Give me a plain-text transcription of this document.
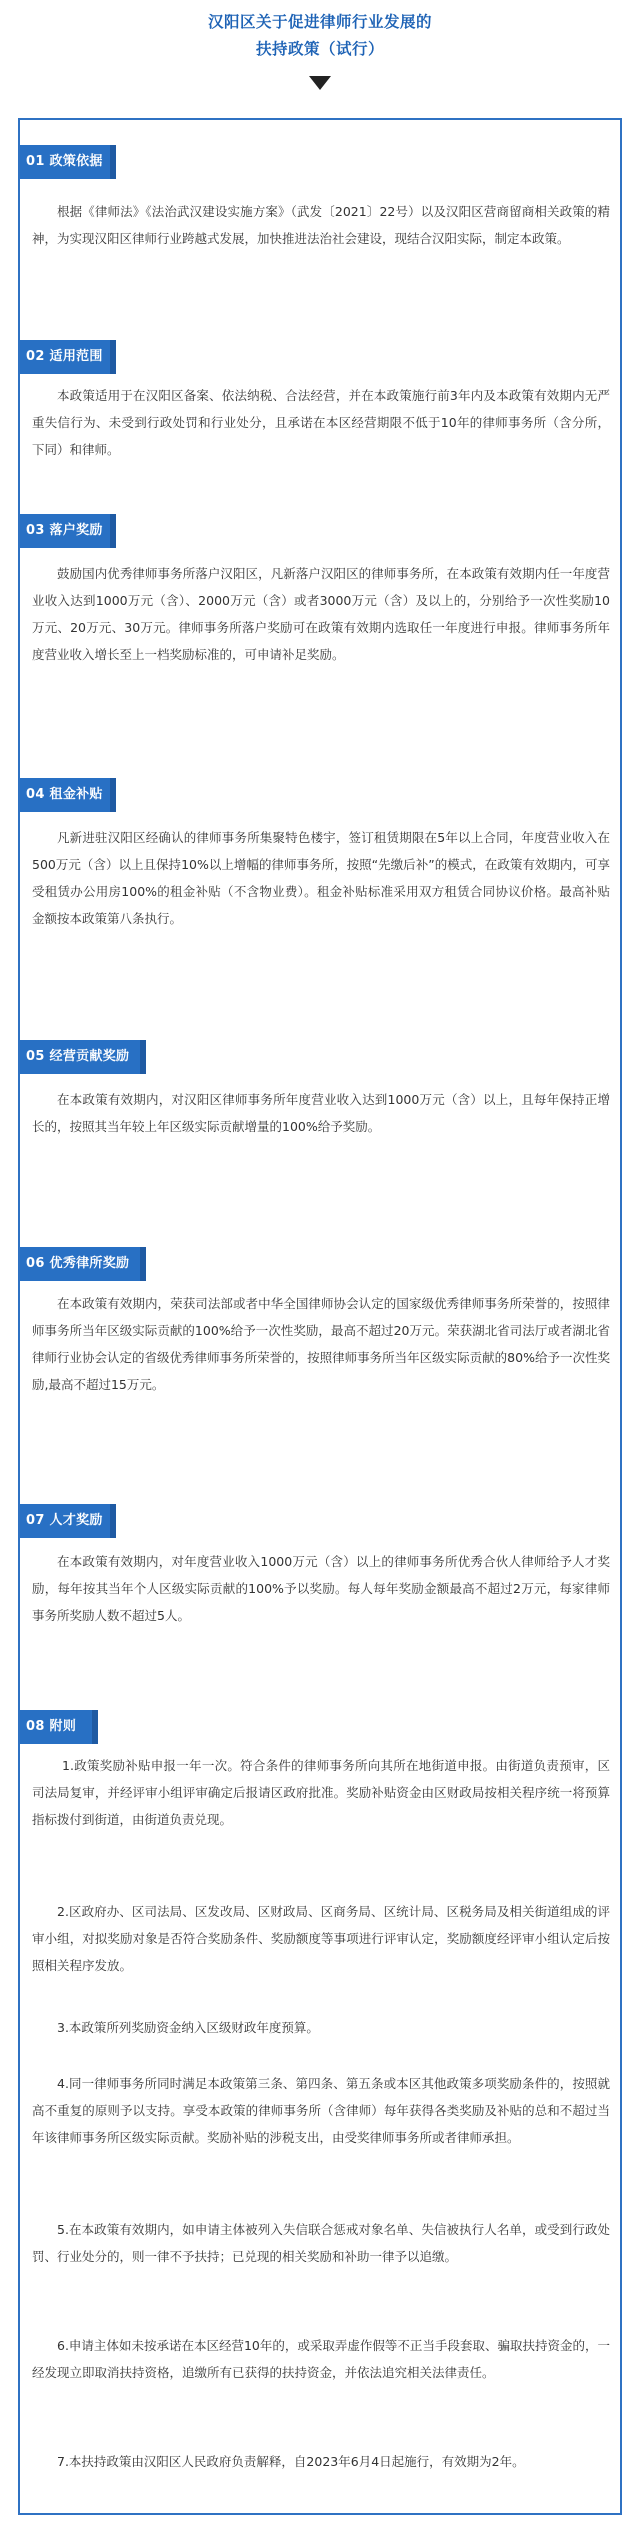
汉阳区关于促进律师行业发展的
扶持政策（试行）
01 政策依据
根据《律师法》《法治武汉建设实施方案》（武发〔2021〕22号）以及汉阳区营商留商相关政策的精神，为实现汉阳区律师行业跨越式发展，加快推进法治社会建设，现结合汉阳实际，制定本政策。
02 适用范围
本政策适用于在汉阳区备案、依法纳税、合法经营，并在本政策施行前3年内及本政策有效期内无严重失信行为、未受到行政处罚和行业处分，且承诺在本区经营期限不低于10年的律师事务所（含分所，下同）和律师。
03 落户奖励
鼓励国内优秀律师事务所落户汉阳区，凡新落户汉阳区的律师事务所，在本政策有效期内任一年度营业收入达到1000万元（含）、2000万元（含）或者3000万元（含）及以上的，分别给予一次性奖励10万元、20万元、30万元。律师事务所落户奖励可在政策有效期内选取任一年度进行申报。律师事务所年度营业收入增长至上一档奖励标准的，可申请补足奖励。
04 租金补贴
凡新进驻汉阳区经确认的律师事务所集聚特色楼宇，签订租赁期限在5年以上合同，年度营业收入在500万元（含）以上且保持10%以上增幅的律师事务所，按照“先缴后补”的模式，在政策有效期内，可享受租赁办公用房100%的租金补贴（不含物业费）。租金补贴标准采用双方租赁合同协议价格。最高补贴金额按本政策第八条执行。
05 经营贡献奖励
在本政策有效期内，对汉阳区律师事务所年度营业收入达到1000万元（含）以上，且每年保持正增长的，按照其当年较上年区级实际贡献增量的100%给予奖励。
06 优秀律所奖励
在本政策有效期内，荣获司法部或者中华全国律师协会认定的国家级优秀律师事务所荣誉的，按照律师事务所当年区级实际贡献的100%给予一次性奖励，最高不超过20万元。荣获湖北省司法厅或者湖北省律师行业协会认定的省级优秀律师事务所荣誉的，按照律师事务所当年区级实际贡献的80%给予一次性奖励,最高不超过15万元。
07 人才奖励
在本政策有效期内，对年度营业收入1000万元（含）以上的律师事务所优秀合伙人律师给予人才奖励，每年按其当年个人区级实际贡献的100%予以奖励。每人每年奖励金额最高不超过2万元，每家律师事务所奖励人数不超过5人。
08 附则
1.政策奖励补贴申报一年一次。符合条件的律师事务所向其所在地街道申报。由街道负责预审，区司法局复审，并经评审小组评审确定后报请区政府批准。奖励补贴资金由区财政局按相关程序统一将预算指标拨付到街道，由街道负责兑现。
2.区政府办、区司法局、区发改局、区财政局、区商务局、区统计局、区税务局及相关街道组成的评审小组，对拟奖励对象是否符合奖励条件、奖励额度等事项进行评审认定，奖励额度经评审小组认定后按照相关程序发放。
3.本政策所列奖励资金纳入区级财政年度预算。
4.同一律师事务所同时满足本政策第三条、第四条、第五条或本区其他政策多项奖励条件的，按照就高不重复的原则予以支持。享受本政策的律师事务所（含律师）每年获得各类奖励及补贴的总和不超过当年该律师事务所区级实际贡献。奖励补贴的涉税支出，由受奖律师事务所或者律师承担。
5.在本政策有效期内，如申请主体被列入失信联合惩戒对象名单、失信被执行人名单，或受到行政处罚、行业处分的，则一律不予扶持；已兑现的相关奖励和补助一律予以追缴。
6.申请主体如未按承诺在本区经营10年的，或采取弄虚作假等不正当手段套取、骗取扶持资金的，一经发现立即取消扶持资格，追缴所有已获得的扶持资金，并依法追究相关法律责任。
7.本扶持政策由汉阳区人民政府负责解释，自2023年6月4日起施行，有效期为2年。
